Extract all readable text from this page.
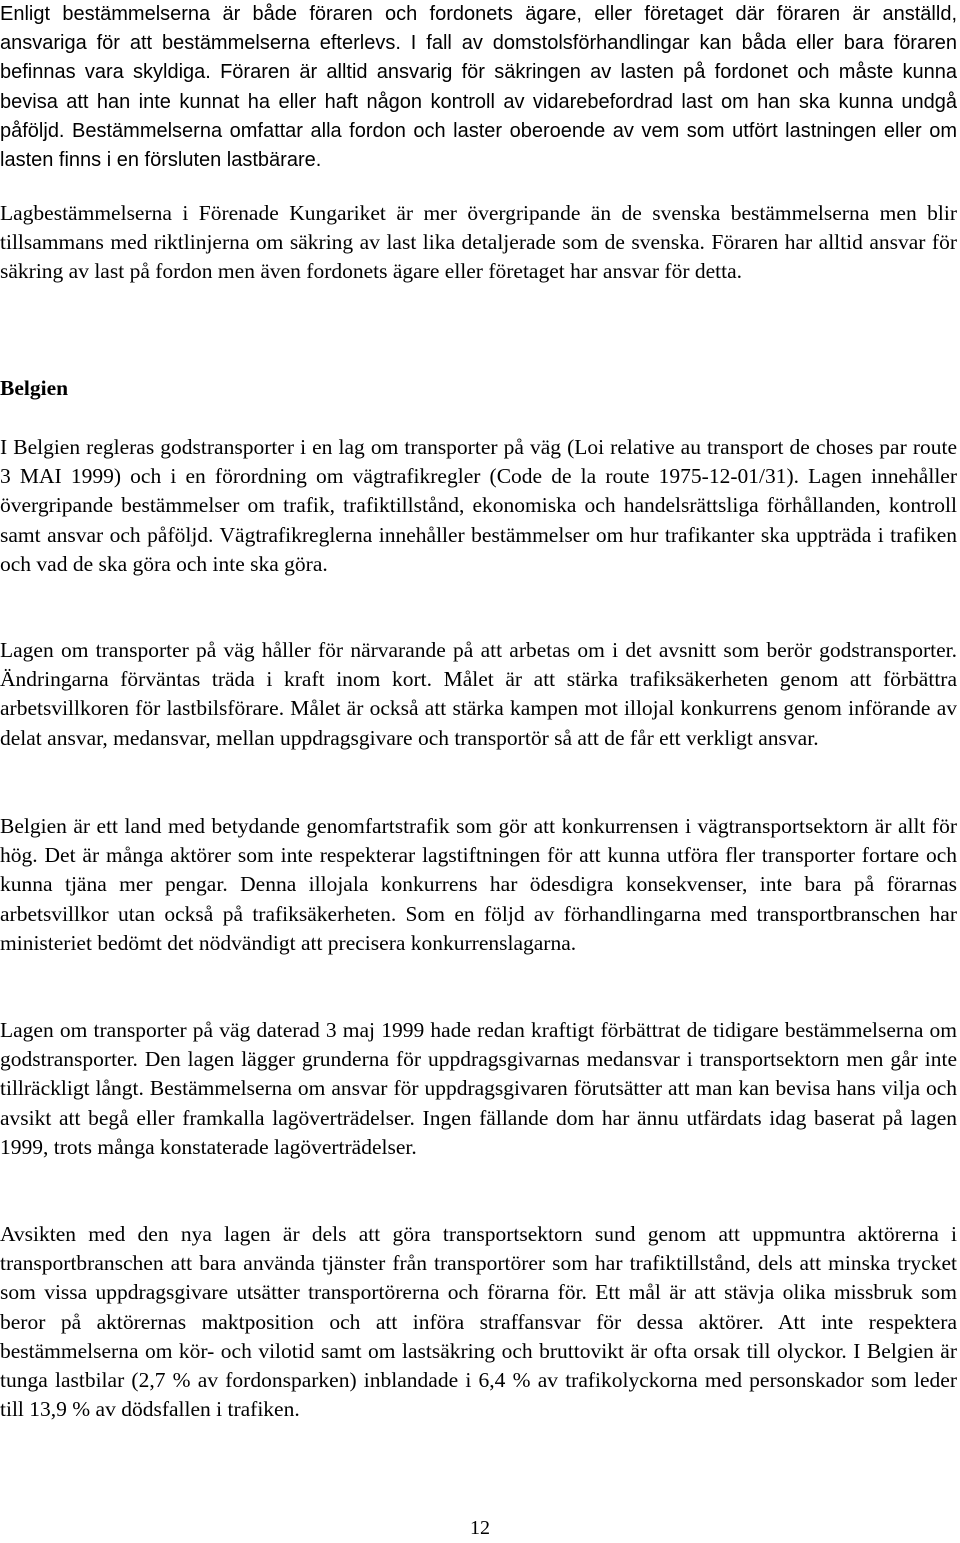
Enligt bestämmelserna är både föraren och fordonets ägare, eller företaget där föraren är anställd, ansvariga för att bestämmelserna efterlevs. I fall av domstolsförhandlingar kan båda eller bara föraren befinnas vara skyldiga. Föraren är alltid ansvarig för säkringen av lasten på fordonet och måste kunna bevisa att han inte kunnat ha eller haft någon kontroll av vidarebefordrad last om han ska kunna undgå påföljd. Bestämmelserna omfattar alla fordon och laster oberoende av vem som utfört lastningen eller om lasten finns i en försluten lastbärare.

Lagbestämmelserna i Förenade Kungariket är mer övergripande än de svenska bestämmelserna men blir tillsammans med riktlinjerna om säkring av last lika detaljerade som de svenska. Föraren har alltid ansvar för säkring av last på fordon men även fordonets ägare eller företaget har ansvar för detta.

Belgien

I Belgien regleras godstransporter i en lag om transporter på väg (Loi relative au transport de choses par route 3 MAI 1999) och i en förordning om vägtrafikregler (Code de la route 1975-12-01/31). Lagen innehåller övergripande bestämmelser om trafik, trafiktillstånd, ekonomiska och handelsrättsliga förhållanden, kontroll samt ansvar och påföljd. Vägtrafikreglerna innehåller bestämmelser om hur trafikanter ska uppträda i trafiken och vad de ska göra och inte ska göra.

Lagen om transporter på väg håller för närvarande på att arbetas om i det avsnitt som berör godstransporter. Ändringarna förväntas träda i kraft inom kort. Målet är att stärka trafiksäkerheten genom att förbättra arbetsvillkoren för lastbilsförare. Målet är också att stärka kampen mot illojal konkurrens genom införande av delat ansvar, medansvar, mellan uppdragsgivare och transportör så att de får ett verkligt ansvar.

Belgien är ett land med betydande genomfartstrafik som gör att konkurrensen i vägtransportsektorn är allt för hög. Det är många aktörer som inte respekterar lagstiftningen för att kunna utföra fler transporter fortare och kunna tjäna mer pengar. Denna illojala konkurrens har ödesdigra konsekvenser, inte bara på förarnas arbetsvillkor utan också på trafiksäkerheten. Som en följd av förhandlingarna med transportbranschen har ministeriet bedömt det nödvändigt att precisera konkurrenslagarna.

Lagen om transporter på väg daterad 3 maj 1999 hade redan kraftigt förbättrat de tidigare bestämmelserna om godstransporter. Den lagen lägger grunderna för uppdragsgivarnas medansvar i transportsektorn men går inte tillräckligt långt. Bestämmelserna om ansvar för uppdragsgivaren förutsätter att man kan bevisa hans vilja och avsikt att begå eller framkalla lagöverträdelser. Ingen fällande dom har ännu utfärdats idag baserat på lagen 1999, trots många konstaterade lagöverträdelser.

Avsikten med den nya lagen är dels att göra transportsektorn sund genom att uppmuntra aktörerna i transportbranschen att bara använda tjänster från transportörer som har trafiktillstånd, dels att minska trycket som vissa uppdragsgivare utsätter transportörerna och förarna för. Ett mål är att stävja olika missbruk som beror på aktörernas maktposition och att införa straffansvar för dessa aktörer. Att inte respektera bestämmelserna om kör- och vilotid samt om lastsäkring och bruttovikt är ofta orsak till olyckor. I Belgien är tunga lastbilar (2,7 % av fordonsparken) inblandade i 6,4 % av trafikolyckorna med personskador som leder till 13,9 % av dödsfallen i trafiken.

12
